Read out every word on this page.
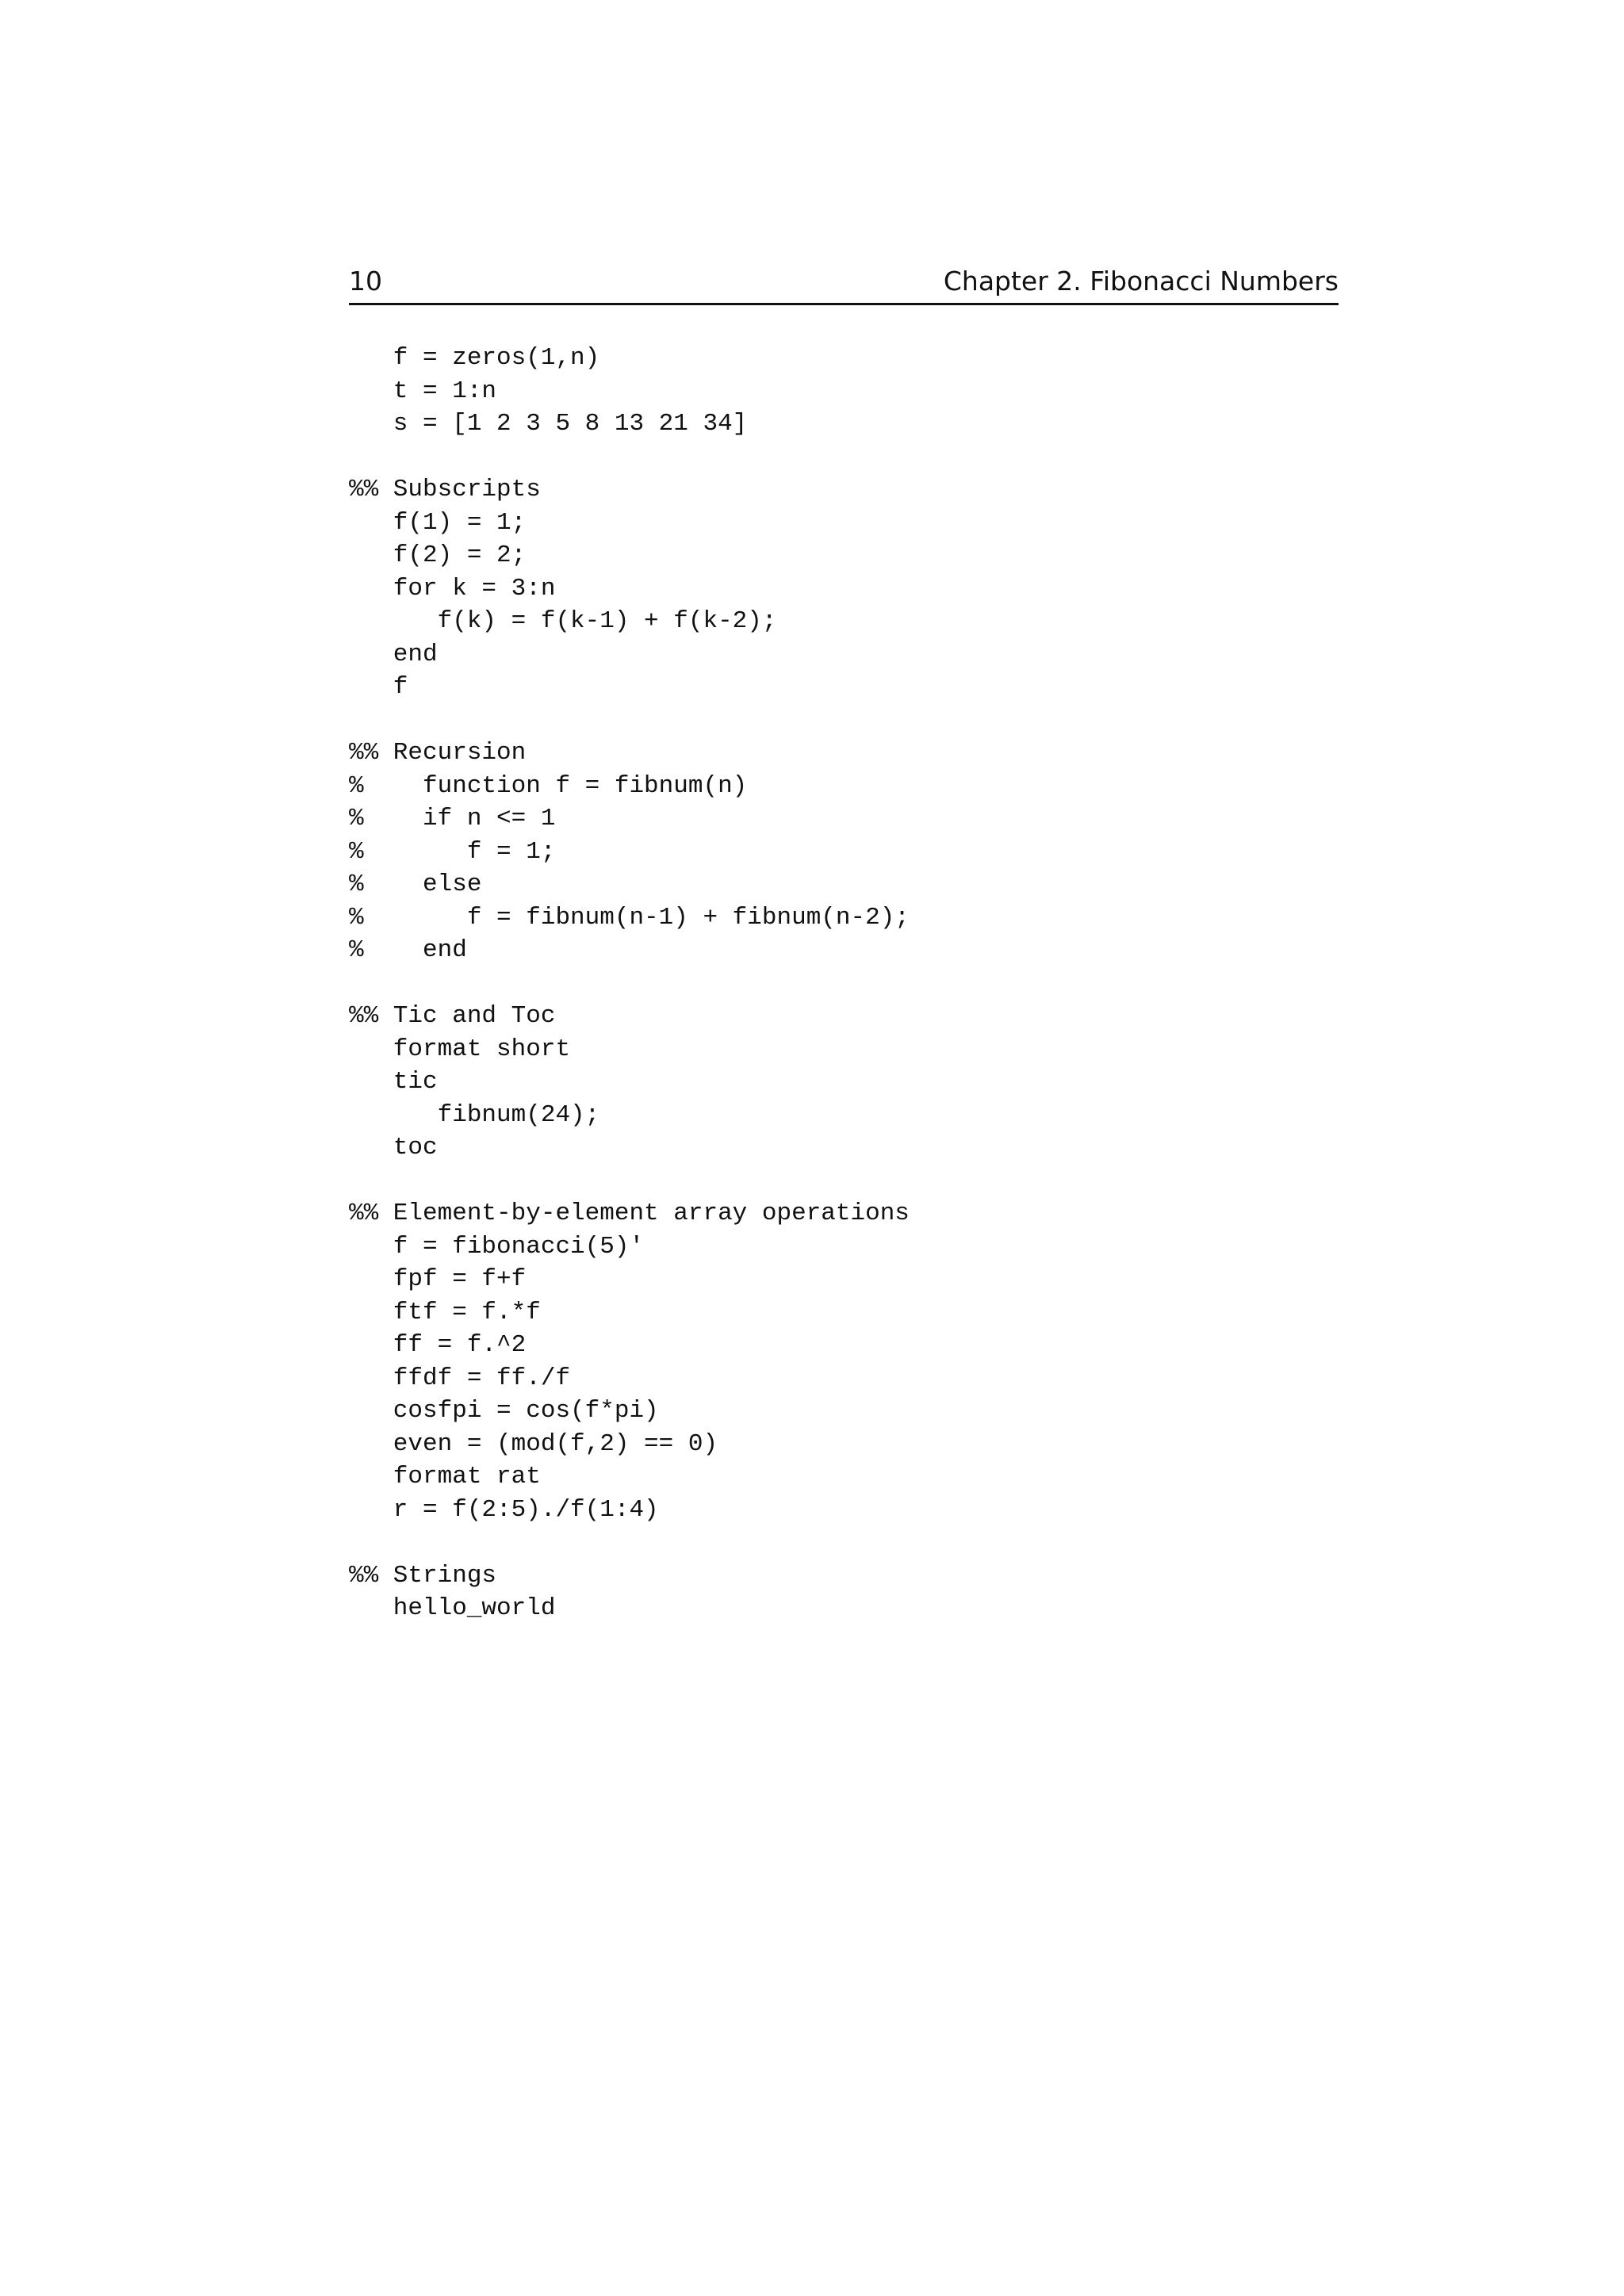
10	Chapter 2. Fibonacci Numbers
f = zeros(1,n)
t = 1:n
s = [1 2 3 5 8 13 21 34]
%% Subscripts
f(1) = 1;
f(2) = 2;
for k = 3:n
f(k) = f(k-1) + f(k-2);
end
f
%% Recursion
%    function f = fibnum(n)
%    if n <= 1
%       f = 1;
%    else
%       f = fibnum(n-1) + fibnum(n-2);
%    end
%% Tic and Toc
format short
tic
fibnum(24);
toc
%% Element-by-element array operations
f = fibonacci(5)'
fpf = f+f
ftf = f.*f
ff = f.^2
ffdf = ff./f
cosfpi = cos(f*pi)
even = (mod(f,2) == 0)
format rat
r = f(2:5)./f(1:4)
%% Strings
hello_world
